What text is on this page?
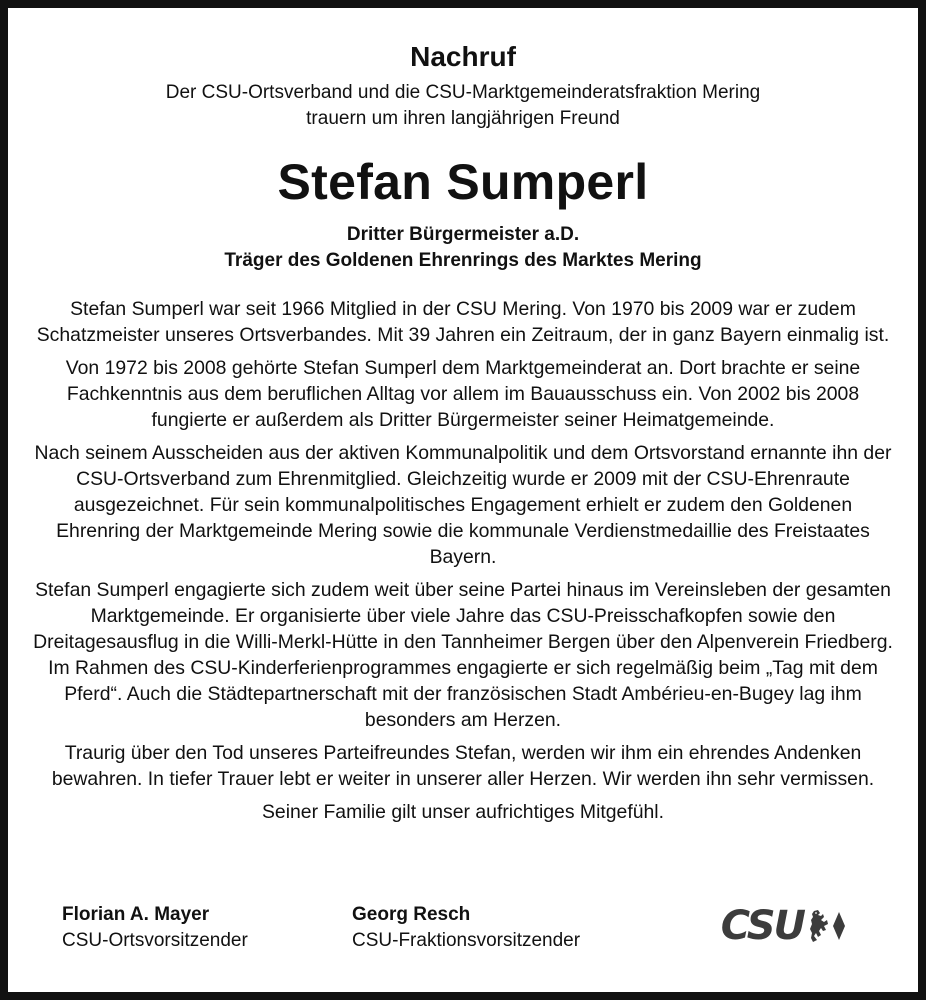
Nachruf
Der CSU-Ortsverband und die CSU-Marktgemeinderatsfraktion Mering
trauern um ihren langjährigen Freund
Stefan Sumperl
Dritter Bürgermeister a.D.
Träger des Goldenen Ehrenrings des Marktes Mering

Stefan Sumperl war seit 1966 Mitglied in der CSU Mering. Von 1970 bis 2009 war er zudem Schatzmeister unseres Ortsverbandes. Mit 39 Jahren ein Zeitraum, der in ganz Bayern einmalig ist.

Von 1972 bis 2008 gehörte Stefan Sumperl dem Marktgemeinderat an. Dort brachte er seine Fachkenntnis aus dem beruflichen Alltag vor allem im Bauausschuss ein. Von 2002 bis 2008 fungierte er außerdem als Dritter Bürgermeister seiner Heimatgemeinde.

Nach seinem Ausscheiden aus der aktiven Kommunalpolitik und dem Ortsvorstand ernannte ihn der CSU-Ortsverband zum Ehrenmitglied. Gleichzeitig wurde er 2009 mit der CSU-Ehrenraute ausgezeichnet. Für sein kommunalpolitisches Engagement erhielt er zudem den Goldenen Ehrenring der Marktgemeinde Mering sowie die kommunale Verdienstmedaillie des Freistaates Bayern.

Stefan Sumperl engagierte sich zudem weit über seine Partei hinaus im Vereinsleben der gesamten Marktgemeinde. Er organisierte über viele Jahre das CSU-Preisschafkopfen sowie den Dreitagesausflug in die Willi-Merkl-Hütte in den Tannheimer Bergen über den Alpenverein Friedberg. Im Rahmen des CSU-Kinderferienprogrammes engagierte er sich regelmäßig beim „Tag mit dem Pferd“. Auch die Städtepartnerschaft mit der französischen Stadt Ambérieu-en-Bugey lag ihm besonders am Herzen.

Traurig über den Tod unseres Parteifreundes Stefan, werden wir ihm ein ehrendes Andenken bewahren. In tiefer Trauer lebt er weiter in unserer aller Herzen. Wir werden ihn sehr vermissen.

Seiner Familie gilt unser aufrichtiges Mitgefühl.

Florian A. Mayer
CSU-Ortsvorsitzender
Georg Resch
CSU-Fraktionsvorsitzender	CSU
